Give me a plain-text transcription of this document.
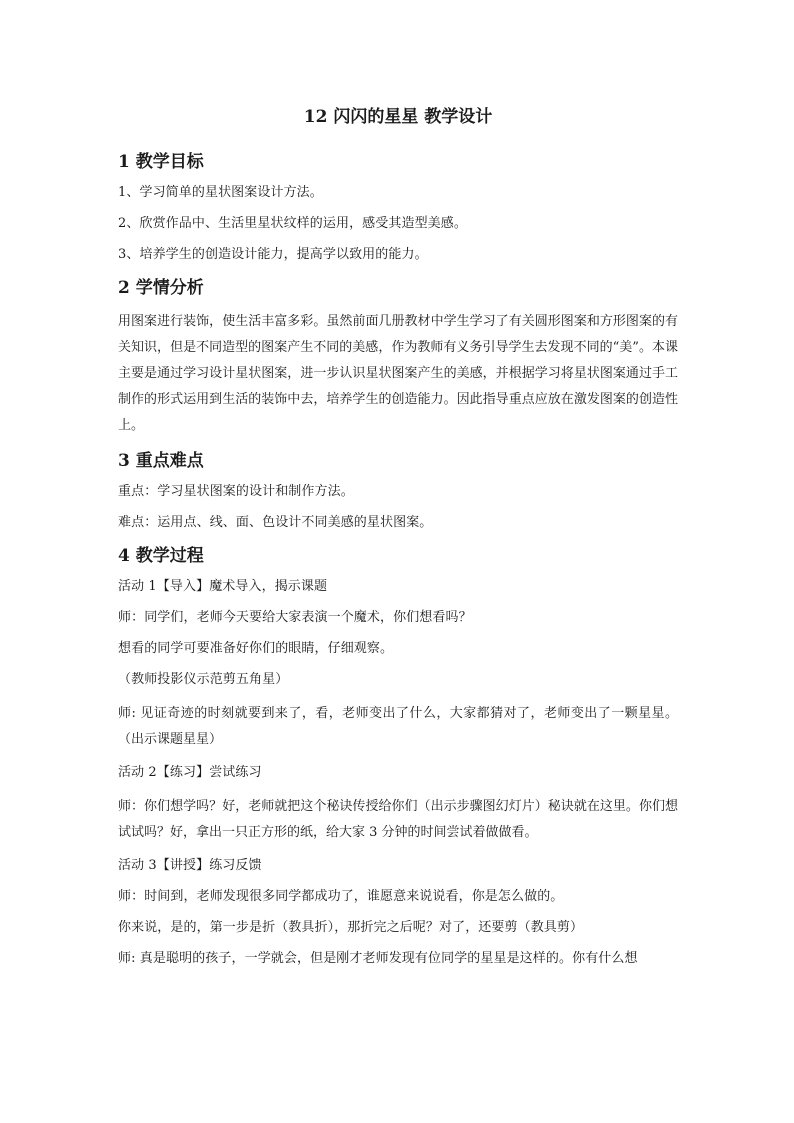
12 闪闪的星星 教学设计
1 教学目标
1、学习简单的星状图案设计方法。
2、欣赏作品中、生活里星状纹样的运用，感受其造型美感。
3、培养学生的创造设计能力，提高学以致用的能力。
2 学情分析
用图案进行装饰，使生活丰富多彩。虽然前面几册教材中学生学习了有关圆形图案和方形图案的有关知识，但是不同造型的图案产生不同的美感，作为教师有义务引导学生去发现不同的“美”。本课主要是通过学习设计星状图案，进一步认识星状图案产生的美感，并根据学习将星状图案通过手工制作的形式运用到生活的装饰中去，培养学生的创造能力。因此指导重点应放在激发图案的创造性上。
3 重点难点
重点：学习星状图案的设计和制作方法。
难点：运用点、线、面、色设计不同美感的星状图案。
4 教学过程
活动 1【导入】魔术导入，揭示课题
师：同学们，老师今天要给大家表演一个魔术，你们想看吗？
想看的同学可要准备好你们的眼睛，仔细观察。
（教师投影仪示范剪五角星）
师: 见证奇迹的时刻就要到来了，看，老师变出了什么，大家都猜对了，老师变出了一颗星星。（出示课题星星）
活动 2【练习】尝试练习
师：你们想学吗？好，老师就把这个秘诀传授给你们（出示步骤图幻灯片）秘诀就在这里。你们想试试吗？好，拿出一只正方形的纸，给大家 3 分钟的时间尝试着做做看。
活动 3【讲授】练习反馈
师：时间到，老师发现很多同学都成功了，谁愿意来说说看，你是怎么做的。
你来说，是的，第一步是折（教具折），那折完之后呢？对了，还要剪（教具剪）
师: 真是聪明的孩子，一学就会，但是刚才老师发现有位同学的星星是这样的。你有什么想
